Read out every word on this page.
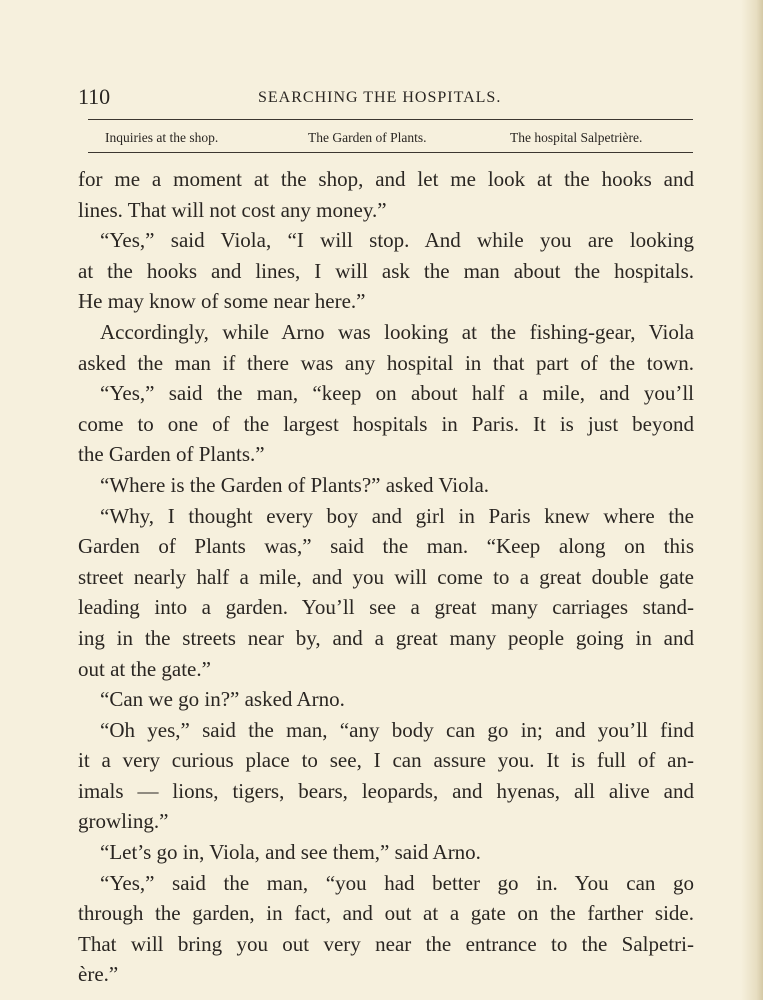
110	SEARCHING THE HOSPITALS.
Inquiries at the shop.	The Garden of Plants.	The hospital Salpetrière.
for me a moment at the shop, and let me look at the hooks and
lines. That will not cost any money.”
“Yes,” said Viola, “I will stop. And while you are looking
at the hooks and lines, I will ask the man about the hospitals.
He may know of some near here.”
Accordingly, while Arno was looking at the fishing-gear, Viola
asked the man if there was any hospital in that part of the town.
“Yes,” said the man, “keep on about half a mile, and you’ll
come to one of the largest hospitals in Paris. It is just beyond
the Garden of Plants.”
“Where is the Garden of Plants?” asked Viola.
“Why, I thought every boy and girl in Paris knew where the
Garden of Plants was,” said the man. “Keep along on this
street nearly half a mile, and you will come to a great double gate
leading into a garden. You’ll see a great many carriages stand-
ing in the streets near by, and a great many people going in and
out at the gate.”
“Can we go in?” asked Arno.
“Oh yes,” said the man, “any body can go in; and you’ll find
it a very curious place to see, I can assure you. It is full of an-
imals — lions, tigers, bears, leopards, and hyenas, all alive and
growling.”
“Let’s go in, Viola, and see them,” said Arno.
“Yes,” said the man, “you had better go in. You can go
through the garden, in fact, and out at a gate on the farther side.
That will bring you out very near the entrance to the Salpetri-
ère.”
